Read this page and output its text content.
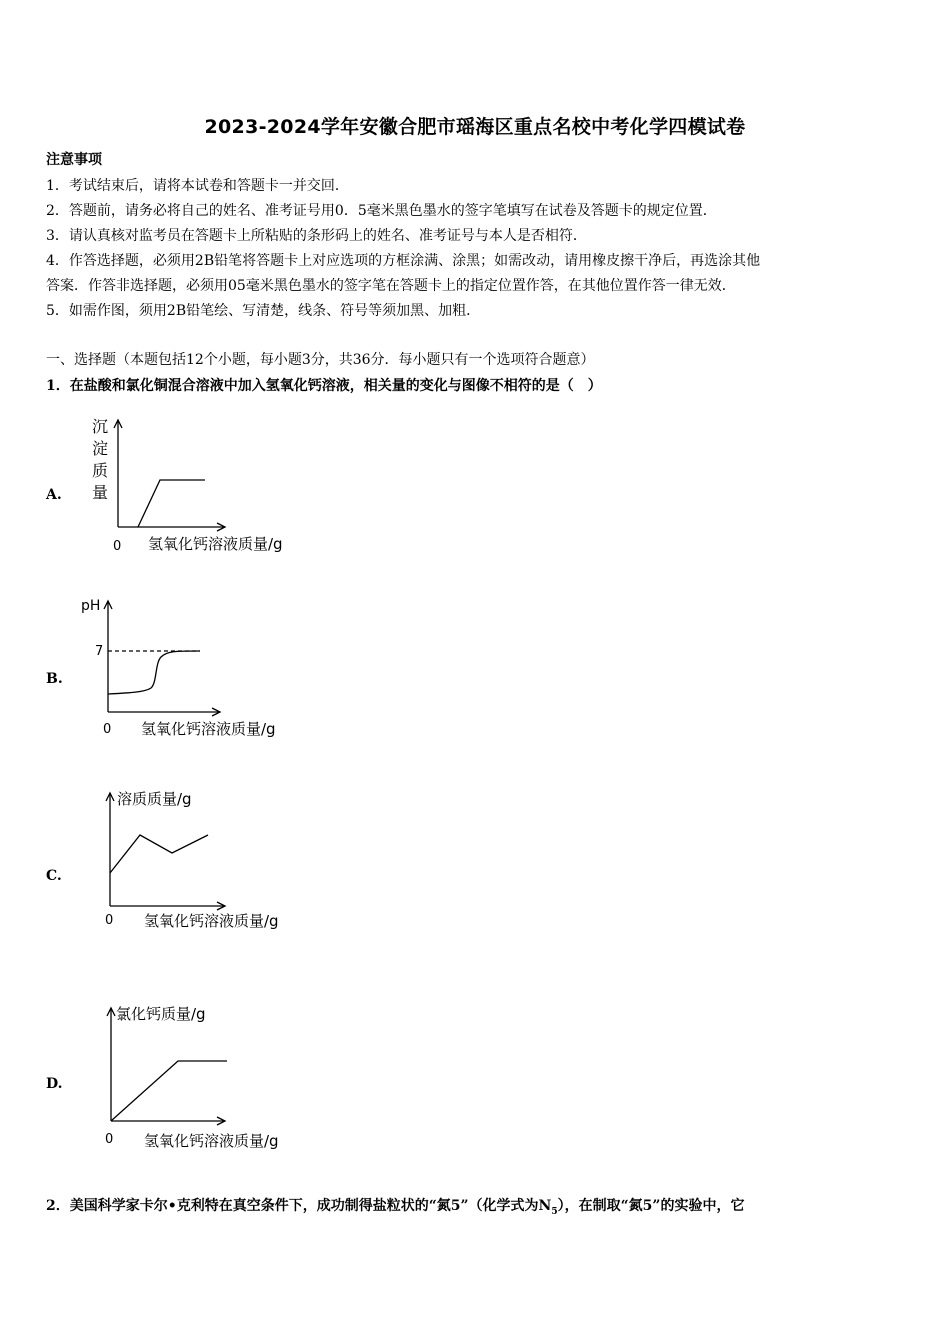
2023-2024学年安徽合肥市瑶海区重点名校中考化学四模试卷
注意事项
1．考试结束后，请将本试卷和答题卡一并交回．
2．答题前，请务必将自己的姓名、准考证号用0．5毫米黑色墨水的签字笔填写在试卷及答题卡的规定位置．
3．请认真核对监考员在答题卡上所粘贴的条形码上的姓名、准考证号与本人是否相符．
4．作答选择题，必须用2B铅笔将答题卡上对应选项的方框涂满、涂黑；如需改动，请用橡皮擦干净后，再选涂其他
答案．作答非选择题，必须用05毫米黑色墨水的签字笔在答题卡上的指定位置作答，在其他位置作答一律无效．
5．如需作图，须用2B铅笔绘、写清楚，线条、符号等须加黑、加粗．
一、选择题（本题包括12个小题，每小题3分，共36分．每小题只有一个选项符合题意）
1．在盐酸和氯化铜混合溶液中加入氢氧化钙溶液，相关量的变化与图像不相符的是（　）
A.
沉
淀
质
量
0 氢氧化钙溶液质量/g
B.
pH
7
0 氢氧化钙溶液质量/g
C.
溶质质量/g
0 氢氧化钙溶液质量/g
D.
氯化钙质量/g
0 氢氧化钙溶液质量/g
2．美国科学家卡尔•克利特在真空条件下，成功制得盐粒状的“氮5”（化学式为$N_5$），在制取“氮5”的实验中，它
